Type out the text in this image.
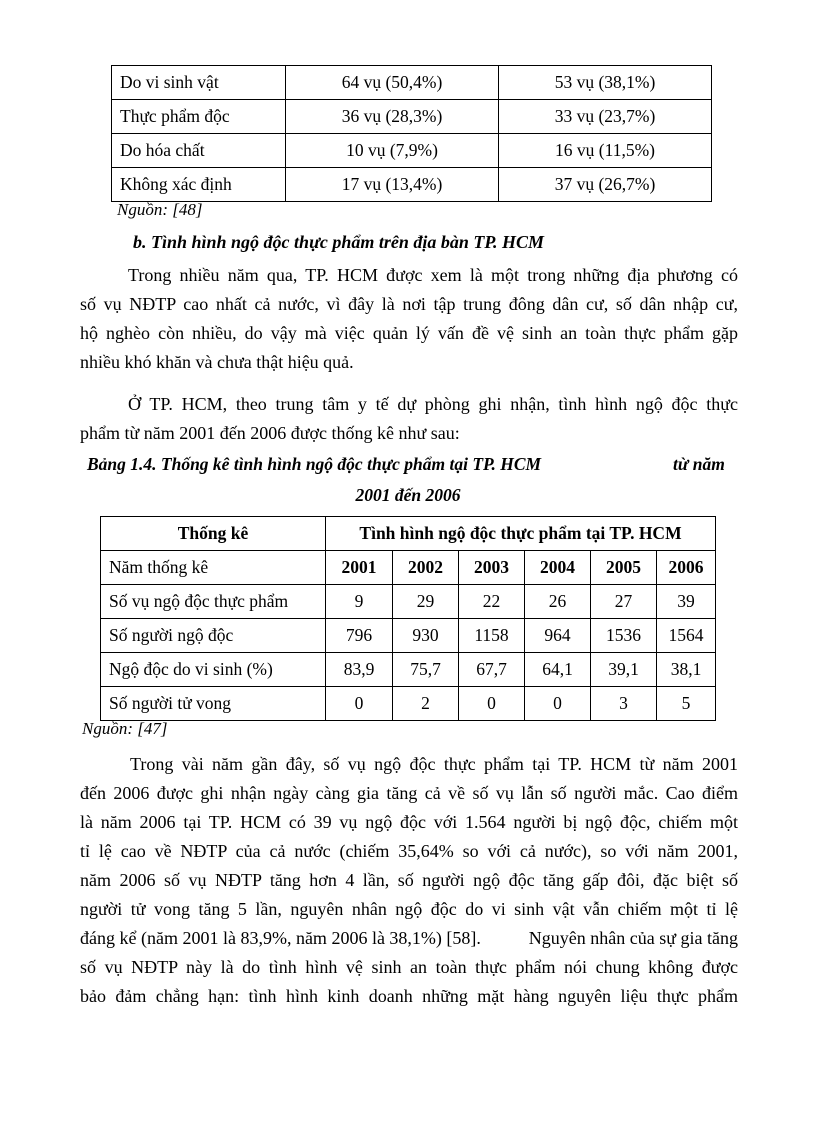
Do vi sinh vật	64 vụ (50,4%)	53 vụ (38,1%)
Thực phẩm độc	36 vụ (28,3%)	33 vụ (23,7%)
Do hóa chất	10 vụ (7,9%)	16 vụ (11,5%)
Không xác định	17 vụ (13,4%)	37 vụ (26,7%)
Nguồn: [48]
b. Tình hình ngộ độc thực phẩm trên địa bàn TP. HCM
Trong nhiều năm qua, TP. HCM được xem là một trong những địa phương có
số vụ NĐTP cao nhất cả nước, vì đây là nơi tập trung đông dân cư, số dân nhập cư,
hộ nghèo còn nhiều, do vậy mà việc quản lý vấn đề vệ sinh an toàn thực phẩm gặp
nhiều khó khăn và chưa thật hiệu quả.
Ở TP. HCM, theo trung tâm y tế dự phòng ghi nhận, tình hình ngộ độc thực
phẩm từ năm 2001 đến 2006 được thống kê như sau:
Bảng 1.4. Thống kê tình hình ngộ độc thực phẩm tại TP. HCM	từ năm
2001 đến 2006
Thống kê	Tình hình ngộ độc thực phẩm tại TP. HCM					
Năm thống kê	2001	2002	2003	2004	2005	2006
Số vụ ngộ độc thực phẩm	9	29	22	26	27	39
Số người ngộ độc	796	930	1158	964	1536	1564
Ngộ độc do vi sinh (%)	83,9	75,7	67,7	64,1	39,1	38,1
Số người tử vong	0	2	0	0	3	5
Nguồn: [47]
Trong vài năm gần đây, số vụ ngộ độc thực phẩm tại TP. HCM từ năm 2001
đến 2006 được ghi nhận ngày càng gia tăng cả về số vụ lẫn số người mắc. Cao điểm
là năm 2006 tại TP. HCM có 39 vụ ngộ độc với 1.564 người bị ngộ độc, chiếm một
tỉ lệ cao về NĐTP của cả nước (chiếm 35,64% so với cả nước), so với năm 2001,
năm 2006 số vụ NĐTP tăng hơn 4 lần, số người ngộ độc tăng gấp đôi, đặc biệt số
người tử vong tăng 5 lần, nguyên nhân ngộ độc do vi sinh vật vẫn chiếm một tỉ lệ
đáng kể (năm 2001 là 83,9%, năm 2006 là 38,1%) [58].	Nguyên nhân của sự gia tăng
số vụ NĐTP này là do tình hình vệ sinh an toàn thực phẩm nói chung không được
bảo đảm chẳng hạn: tình hình kinh doanh những mặt hàng nguyên liệu thực phẩm
